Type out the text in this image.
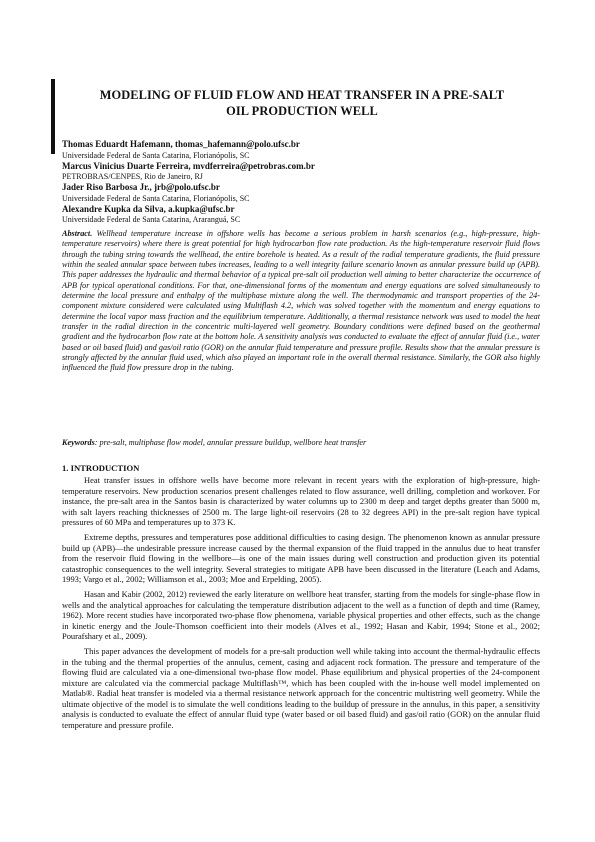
MODELING OF FLUID FLOW AND HEAT TRANSFER IN A PRE-SALT
OIL PRODUCTION WELL
Thomas Eduardt Hafemann, thomas_hafemann@polo.ufsc.br
Universidade Federal de Santa Catarina, Florianópolis, SC
Marcus Vinicius Duarte Ferreira, mvdferreira@petrobras.com.br
PETROBRAS/CENPES, Rio de Janeiro, RJ
Jader Riso Barbosa Jr., jrb@polo.ufsc.br
Universidade Federal de Santa Catarina, Florianópolis, SC
Alexandre Kupka da Silva, a.kupka@ufsc.br
Universidade Federal de Santa Catarina, Araranguá, SC
Abstract. Wellhead temperature increase in offshore wells has become a serious problem in harsh scenarios (e.g., high-pressure, high-temperature reservoirs) where there is great potential for high hydrocarbon flow rate production. As the high-temperature reservoir fluid flows through the tubing string towards the wellhead, the entire borehole is heated. As a result of the radial temperature gradients, the fluid pressure within the sealed annular space between tubes increases, leading to a well integrity failure scenario known as annular pressure build up (APB). This paper addresses the hydraulic and thermal behavior of a typical pre-salt oil production well aiming to better characterize the occurrence of APB for typical operational conditions. For that, one-dimensional forms of the momentum and energy equations are solved simultaneously to determine the local pressure and enthalpy of the multiphase mixture along the well. The thermodynamic and transport properties of the 24-component mixture considered were calculated using Multiflash 4.2, which was solved together with the momentum and energy equations to determine the local vapor mass fraction and the equilibrium temperature. Additionally, a thermal resistance network was used to model the heat transfer in the radial direction in the concentric multi-layered well geometry. Boundary conditions were defined based on the geothermal gradient and the hydrocarbon flow rate at the bottom hole. A sensitivity analysis was conducted to evaluate the effect of annular fluid (i.e., water based or oil based fluid) and gas/oil ratio (GOR) on the annular fluid temperature and pressure profile. Results show that the annular pressure is strongly affected by the annular fluid used, which also played an important role in the overall thermal resistance. Similarly, the GOR also highly influenced the fluid flow pressure drop in the tubing.
Keywords: pre-salt, multiphase flow model, annular pressure buildup, wellbore heat transfer
1. INTRODUCTION

Heat transfer issues in offshore wells have become more relevant in recent years with the exploration of high-pressure, high-temperature reservoirs. New production scenarios present challenges related to flow assurance, well drilling, completion and workover. For instance, the pre-salt area in the Santos basin is characterized by water columns up to 2300 m deep and target depths greater than 5000 m, with salt layers reaching thicknesses of 2500 m. The large light-oil reservoirs (28 to 32 degrees API) in the pre-salt region have typical pressures of 60 MPa and temperatures up to 373 K.

Extreme depths, pressures and temperatures pose additional difficulties to casing design. The phenomenon known as annular pressure build up (APB)—the undesirable pressure increase caused by the thermal expansion of the fluid trapped in the annulus due to heat transfer from the reservoir fluid flowing in the wellbore—is one of the main issues during well construction and production given its potential catastrophic consequences to the well integrity. Several strategies to mitigate APB have been discussed in the literature (Leach and Adams, 1993; Vargo et al., 2002; Williamson et al., 2003; Moe and Erpelding, 2005).

Hasan and Kabir (2002, 2012) reviewed the early literature on wellbore heat transfer, starting from the models for single-phase flow in wells and the analytical approaches for calculating the temperature distribution adjacent to the well as a function of depth and time (Ramey, 1962). More recent studies have incorporated two-phase flow phenomena, variable physical properties and other effects, such as the change in kinetic energy and the Joule-Thomson coefficient into their models (Alves et al., 1992; Hasan and Kabir, 1994; Stone et al., 2002; Pourafshary et al., 2009).

This paper advances the development of models for a pre-salt production well while taking into account the thermal-hydraulic effects in the tubing and the thermal properties of the annulus, cement, casing and adjacent rock formation. The pressure and temperature of the flowing fluid are calculated via a one-dimensional two-phase flow model. Phase equilibrium and physical properties of the 24-component mixture are calculated via the commercial package Multiflash™, which has been coupled with the in-house well model implemented on Matlab®. Radial heat transfer is modeled via a thermal resistance network approach for the concentric multistring well geometry. While the ultimate objective of the model is to simulate the well conditions leading to the buildup of pressure in the annulus, in this paper, a sensitivity analysis is conducted to evaluate the effect of annular fluid type (water based or oil based fluid) and gas/oil ratio (GOR) on the annular fluid temperature and pressure profile.
